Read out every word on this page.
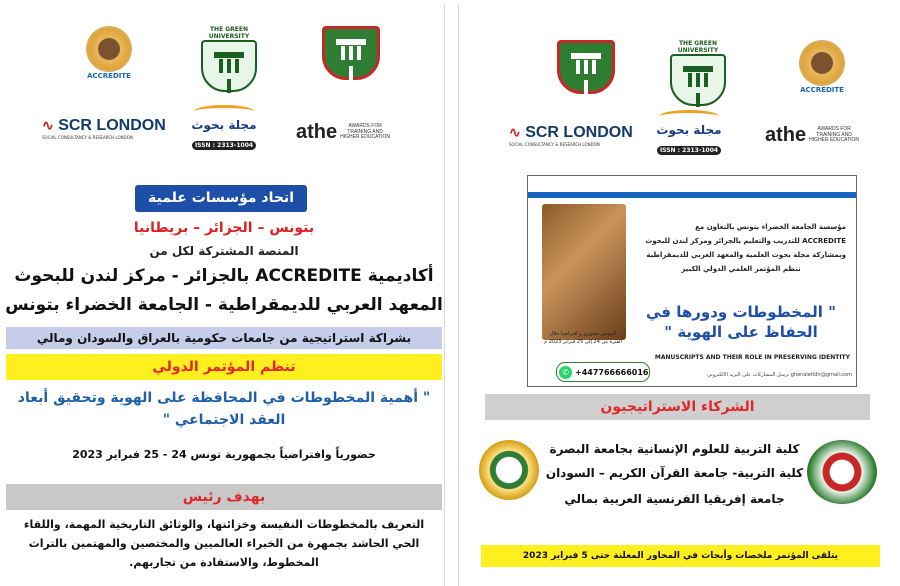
ACCREDITE
THE GREEN UNIVERSITY
∿ SCR LONDON
SOCIAL CONSULTANCY & RESEARCH LONDON
مجلة بحوث
ISSN : 2313-1004
athe	AWARDS FOR
TRAINING AND
HIGHER EDUCATION
اتحاد مؤسسات علمية
بتونس – الجزائر – بريطانيا
المنصة المشتركة لكل من
أكاديمية ACCREDITE بالجزائر - مركز لندن للبحوث
المعهد العربي للديمقراطية - الجامعة الخضراء بتونس
بشراكة استراتيجية من جامعات حكومية بالعراق والسودان ومالي
تنظم المؤتمر الدولي
" أهمية المخطوطات في المحافظة على الهوية وتحقيق أبعاد
العقد الاجتماعي "
حضورياً وافتراضياً بجمهورية تونس 24 - 25 فبراير 2023
بهدف رئيس
التعريف بالمخطوطات النفيسة وخزائنها، والوثائق التاريخية المهمة، واللقاء
الحي الحاشد بجمهرة من الخبراء العالميين والمختصين والمهتمين بالتراث
المخطوط، والاستفادة من تجاربهم.
THE GREEN UNIVERSITY
ACCREDITE
∿ SCR LONDON
SOCIAL CONSULTANCY & RESEARCH LONDON
مجلة بحوث
ISSN : 2313-1004
athe	AWARDS FOR
TRAINING AND
HIGHER EDUCATION
مؤسسة الجامعة الخضراء بتونس بالتعاون مع
ACCREDITE للتدريب والتعليم بالجزائر ومركز لندن للبحوث
وبمشاركة مجلة بحوث العلمية والمعهد العربي للديمقراطية
تنظم المؤتمر العلمي الدولي الكبير
" المخطوطات ودورها في
الحفاظ على الهوية "
المؤتمر حضوري و افتراضيا خلال
الفترة من 24 إلى 25 فبراير 2023 م
MANUSCRIPTS AND THEIR ROLE IN PRESERVING IDENTITY
✆ +447766666016	ghenaietidir@gmail.com ترسل المشاركات على البريد الالكتروني
الشركاء الاستراتيجيون
كلية التربية للعلوم الإنسانية بجامعة البصرة
كلية التربية- جامعة القرآن الكريم – السودان
جامعة إفريقيا الفرنسية العربية بمالي
يتلقى المؤتمر ملخصات وأبحاث في المحاور المعلنة حتى 5 فبراير 2023
